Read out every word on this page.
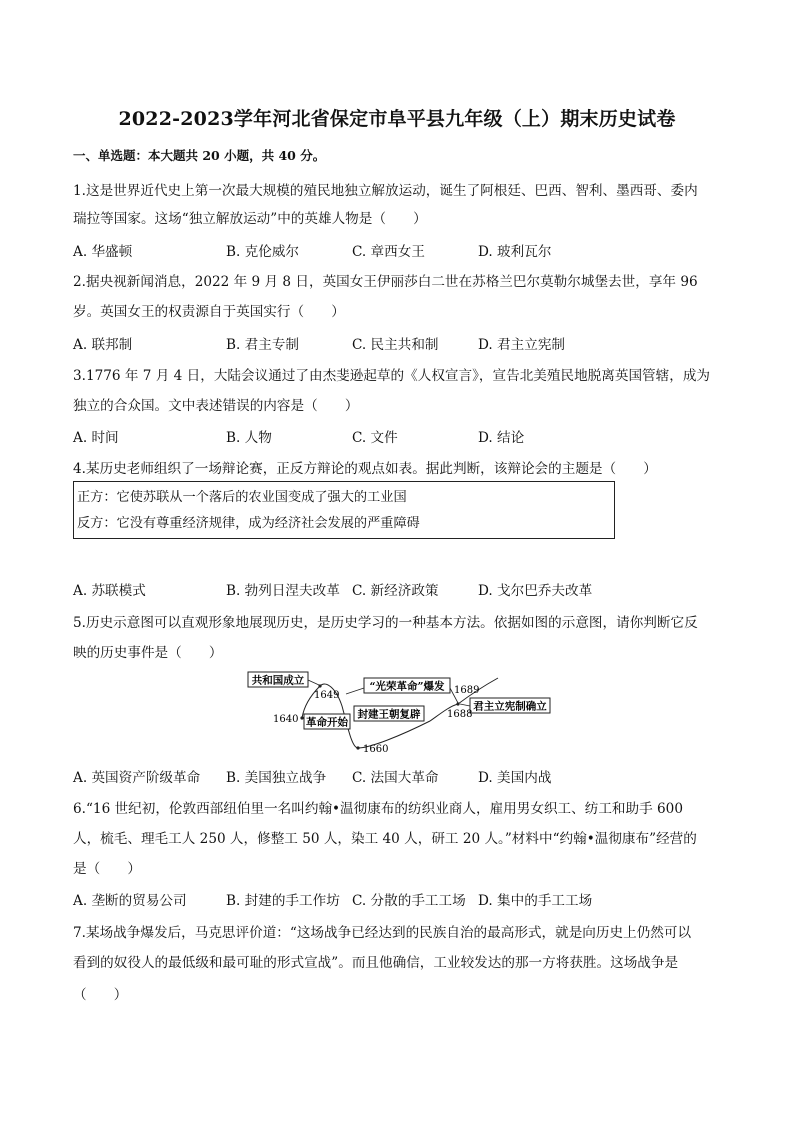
2022-2023学年河北省保定市阜平县九年级（上）期末历史试卷
一、单选题：本大题共 20 小题，共 40 分。
1.这是世界近代史上第一次最大规模的殖民地独立解放运动，诞生了阿根廷、巴西、智利、墨西哥、委内
瑞拉等国家。这场“独立解放运动”中的英雄人物是（　　）
A. 华盛顿	B. 克伦威尔	C. 章西女王	D. 玻利瓦尔
2.据央视新闻消息，2022 年 9 月 8 日，英国女王伊丽莎白二世在苏格兰巴尔莫勒尔城堡去世，享年 96
岁。英国女王的权责源自于英国实行（　　）
A. 联邦制	B. 君主专制	C. 民主共和制	D. 君主立宪制
3.1776 年 7 月 4 日，大陆会议通过了由杰斐逊起草的《人权宣言》，宣告北美殖民地脱离英国管辖，成为
独立的合众国。文中表述错误的内容是（　　）
A. 时间	B. 人物	C. 文件	D. 结论
4.某历史老师组织了一场辩论赛，正反方辩论的观点如表。据此判断，该辩论会的主题是（　　）
正方：它使苏联从一个落后的农业国变成了强大的工业国
反方：它没有尊重经济规律，成为经济社会发展的严重障碍
A. 苏联模式	B. 勃列日涅夫改革 C. 新经济政策	D. 戈尔巴乔夫改革
5.历史示意图可以直观形象地展现历史，是历史学习的一种基本方法。依据如图的示意图，请你判断它反
映的历史事件是（　　）
共和国成立
革命开始
封建王朝复辟
“光荣革命”爆发
君主立宪制确立
1640
1649
1660
1688
1689
A. 英国资产阶级革命	B. 美国独立战争	C. 法国大革命	D. 美国内战
6.“16 世纪初，伦敦西部纽伯里一名叫约翰•温彻康布的纺织业商人，雇用男女织工、纺工和助手 600
人，梳毛、理毛工人 250 人，修整工 50 人，染工 40 人，研工 20 人。”材料中“约翰•温彻康布”经营的
是（　　）
A. 垄断的贸易公司	B. 封建的手工作坊 C. 分散的手工工场 D. 集中的手工工场
7.某场战争爆发后，马克思评价道：“这场战争已经达到的民族自治的最高形式，就是向历史上仍然可以
看到的奴役人的最低级和最可耻的形式宣战”。而且他确信，工业较发达的那一方将获胜。这场战争是
（　　）
